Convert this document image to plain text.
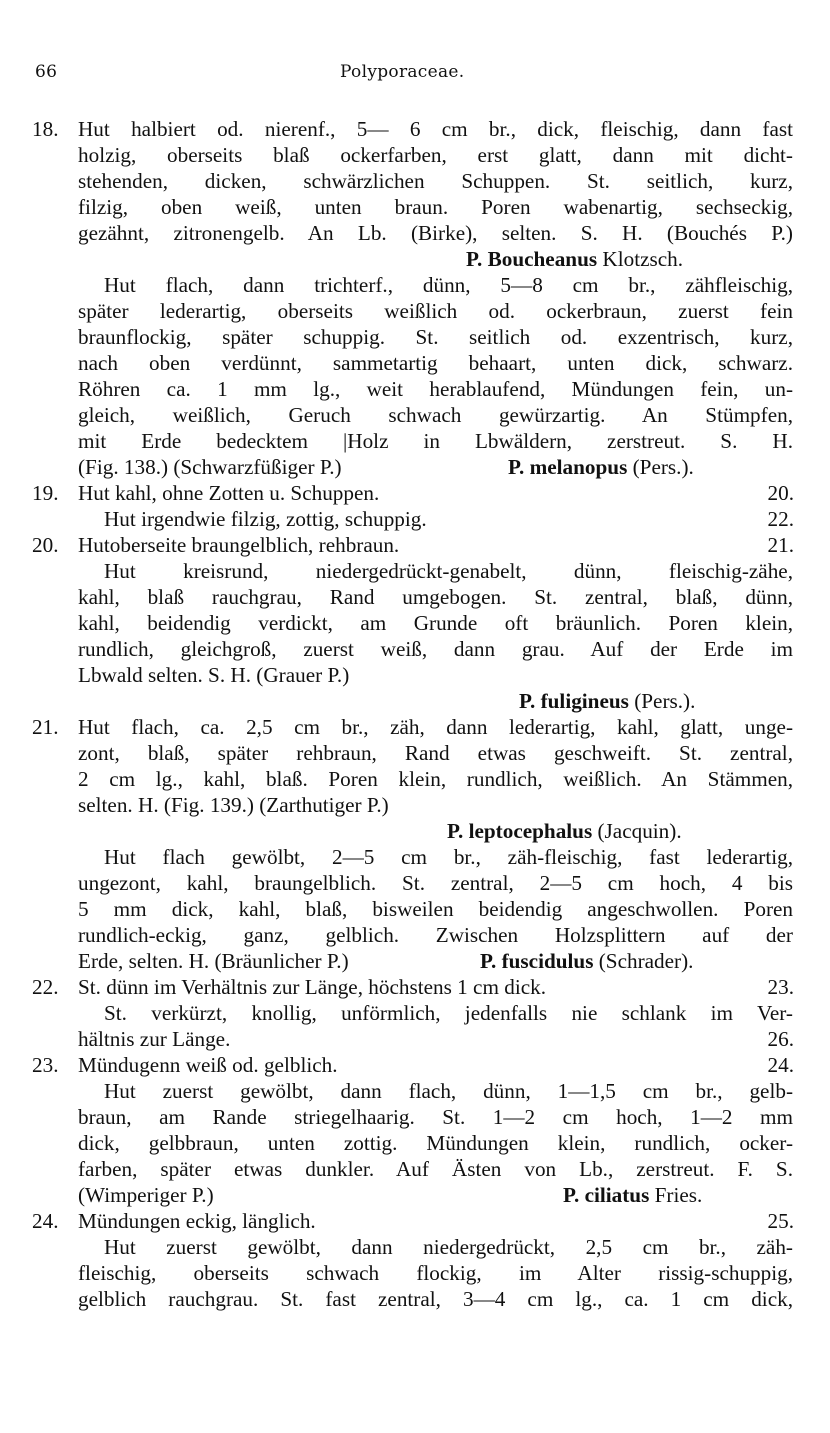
66	Polyporaceae.
18. Hut halbiert od. nierenf., 5— 6 cm br., dick, fleischig, dann fast
holzig, oberseits blaß ockerfarben, erst glatt, dann mit dicht-
stehenden, dicken, schwärzlichen Schuppen. St. seitlich, kurz,
filzig, oben weiß, unten braun. Poren wabenartig, sechseckig,
gezähnt, zitronengelb. An Lb. (Birke), selten. S. H. (Bouchés P.)
P. Boucheanus Klotzsch.
Hut flach, dann trichterf., dünn, 5—8 cm br., zähfleischig,
später lederartig, oberseits weißlich od. ockerbraun, zuerst fein
braunflockig, später schuppig. St. seitlich od. exzentrisch, kurz,
nach oben verdünnt, sammetartig behaart, unten dick, schwarz.
Röhren ca. 1 mm lg., weit herablaufend, Mündungen fein, un-
gleich, weißlich, Geruch schwach gewürzartig. An Stümpfen,
mit Erde bedecktem |Holz in Lbwäldern, zerstreut. S. H.
(Fig. 138.) (Schwarzfüßiger P.)	P. melanopus (Pers.).
19. Hut kahl, ohne Zotten u. Schuppen.	20.
Hut irgendwie filzig, zottig, schuppig.	22.
20. Hutoberseite braungelblich, rehbraun.	21.
Hut kreisrund, niedergedrückt-genabelt, dünn, fleischig-zähe,
kahl, blaß rauchgrau, Rand umgebogen. St. zentral, blaß, dünn,
kahl, beidendig verdickt, am Grunde oft bräunlich. Poren klein,
rundlich, gleichgroß, zuerst weiß, dann grau. Auf der Erde im
Lbwald selten. S. H. (Grauer P.)
P. fuligineus (Pers.).
21. Hut flach, ca. 2,5 cm br., zäh, dann lederartig, kahl, glatt, unge-
zont, blaß, später rehbraun, Rand etwas geschweift. St. zentral,
2 cm lg., kahl, blaß. Poren klein, rundlich, weißlich. An Stämmen,
selten. H. (Fig. 139.) (Zarthutiger P.)
P. leptocephalus (Jacquin).
Hut flach gewölbt, 2—5 cm br., zäh-fleischig, fast lederartig,
ungezont, kahl, braungelblich. St. zentral, 2—5 cm hoch, 4 bis
5 mm dick, kahl, blaß, bisweilen beidendig angeschwollen. Poren
rundlich-eckig, ganz, gelblich. Zwischen Holzsplittern auf der
Erde, selten. H. (Bräunlicher P.)	P. fuscidulus (Schrader).
22. St. dünn im Verhältnis zur Länge, höchstens 1 cm dick.	23.
St. verkürzt, knollig, unförmlich, jedenfalls nie schlank im Ver-
hältnis zur Länge.	26.
23. Mündugenn weiß od. gelblich.	24.
Hut zuerst gewölbt, dann flach, dünn, 1—1,5 cm br., gelb-
braun, am Rande striegelhaarig. St. 1—2 cm hoch, 1—2 mm
dick, gelbbraun, unten zottig. Mündungen klein, rundlich, ocker-
farben, später etwas dunkler. Auf Ästen von Lb., zerstreut. F. S.
(Wimperiger P.)	P. ciliatus Fries.
24. Mündungen eckig, länglich.	25.
Hut zuerst gewölbt, dann niedergedrückt, 2,5 cm br., zäh-
fleischig, oberseits schwach flockig, im Alter rissig-schuppig,
gelblich rauchgrau. St. fast zentral, 3—4 cm lg., ca. 1 cm dick,
